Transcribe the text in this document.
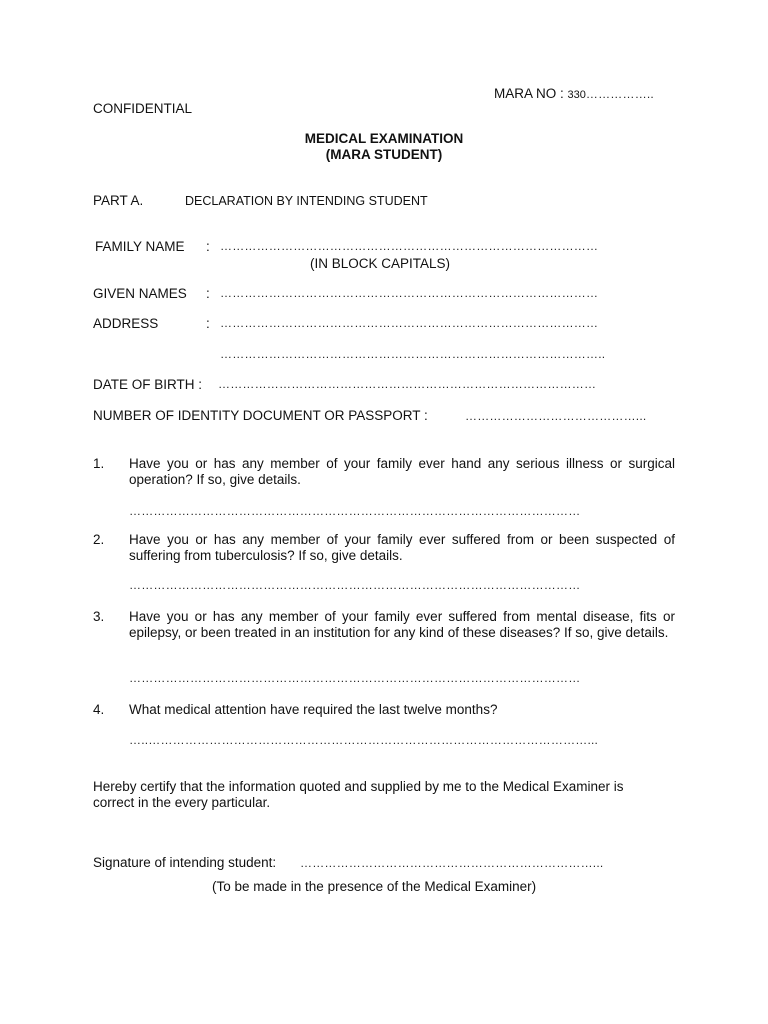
MARA NO : 330……………..
CONFIDENTIAL
MEDICAL EXAMINATION
(MARA STUDENT)
PART A.	DECLARATION BY INTENDING STUDENT
FAMILY NAME : …………………………………………………………………………………
(IN BLOCK CAPITALS)
GIVEN NAMES : …………………………………………………………………………………
ADDRESS	: …………………………………………………………………………………
…………………………………………………………………………………..
DATE OF BIRTH : …………………………………………………………………………………
NUMBER OF IDENTITY DOCUMENT OR PASSPORT :	……………………………………...
1. Have you or has any member of your family ever hand any serious illness or surgical operation? If so, give details.
…………………………………………………………………………………………………
2. Have you or has any member of your family ever suffered from or been suspected of suffering from tuberculosis? If so, give details.
…………………………………………………………………………………………………
3. Have you or has any member of your family ever suffered from mental disease, fits or epilepsy, or been treated in an institution for any kind of these diseases? If so, give details.
…………………………………………………………………………………………………
4. What medical attention have required the last twelve months?
…..………………………………………………………………………………………………...
Hereby certify that the information quoted and supplied by me to the Medical Examiner is correct in the every particular.
Signature of intending student: ………………………………………………………………...
(To be made in the presence of the Medical Examiner)
